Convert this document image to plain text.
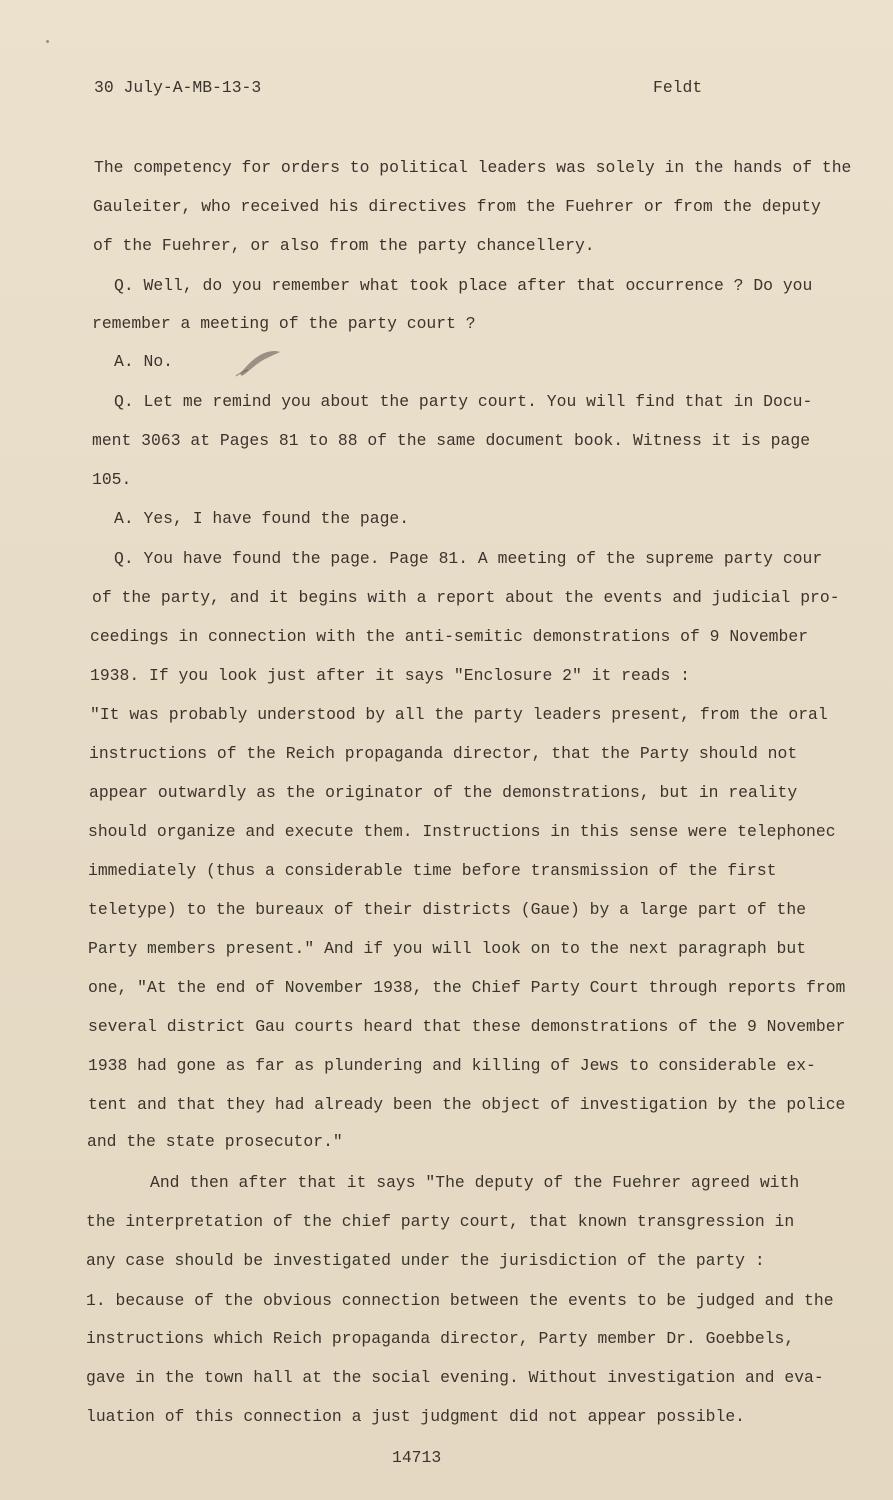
30 July-A-MB-13-3	Feldt
The competency for orders to political leaders was solely in the hands of the
Gauleiter, who received his directives from the Fuehrer or from the deputy
of the Fuehrer, or also from the party chancellery.
Q. Well, do you remember what took place after that occurrence ? Do you
remember a meeting of the party court ?
A. No.
Q. Let me remind you about the party court. You will find that in Docu-
ment 3063 at Pages 81 to 88 of the same document book. Witness it is page
105.
A. Yes, I have found the page.
Q. You have found the page. Page 81. A meeting of the supreme party cour
of the party, and it begins with a report about the events and judicial pro-
ceedings in connection with the anti-semitic demonstrations of 9 November
1938. If you look just after it says "Enclosure 2" it reads :
"It was probably understood by all the party leaders present, from the oral
instructions of the Reich propaganda director, that the Party should not
appear outwardly as the originator of the demonstrations, but in reality
should organize and execute them. Instructions in this sense were telephonec
immediately (thus a considerable time before transmission of the first
teletype) to the bureaux of their districts (Gaue) by a large part of the
Party members present." And if you will look on to the next paragraph but
one, "At the end of November 1938, the Chief Party Court through reports from
several district Gau courts heard that these demonstrations of the 9 November
1938 had gone as far as plundering and killing of Jews to considerable ex-
tent and that they had already been the object of investigation by the police
and the state prosecutor."
And then after that it says "The deputy of the Fuehrer agreed with
the interpretation of the chief party court, that known transgression in
any case should be investigated under the jurisdiction of the party :
1. because of the obvious connection between the events to be judged and the
instructions which Reich propaganda director, Party member Dr. Goebbels,
gave in the town hall at the social evening. Without investigation and eva-
luation of this connection a just judgment did not appear possible.
14713
